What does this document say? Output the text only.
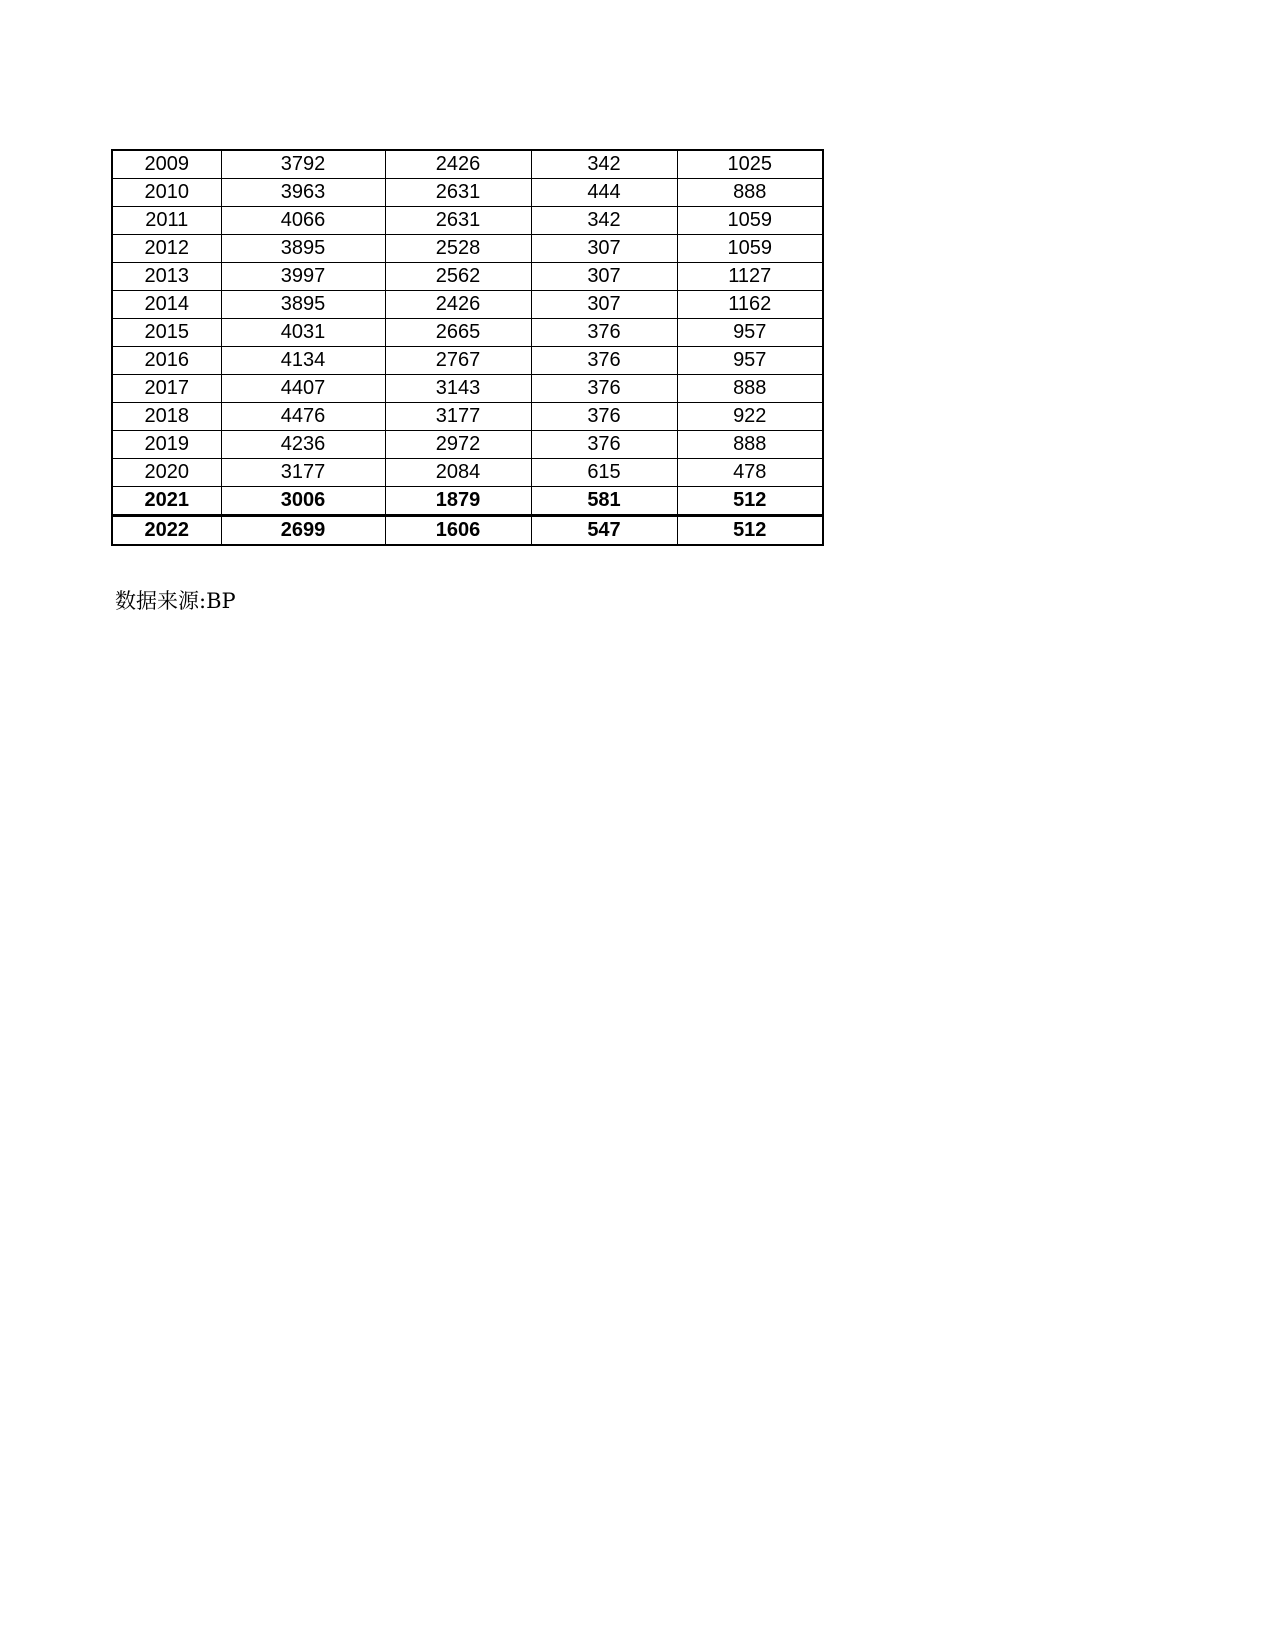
2009	3792	2426	342	1025
2010	3963	2631	444	888
2011	4066	2631	342	1059
2012	3895	2528	307	1059
2013	3997	2562	307	1127
2014	3895	2426	307	1162
2015	4031	2665	376	957
2016	4134	2767	376	957
2017	4407	3143	376	888
2018	4476	3177	376	922
2019	4236	2972	376	888
2020	3177	2084	615	478
2021	3006	1879	581	512
2022	2699	1606	547	512
数据来源:BP
